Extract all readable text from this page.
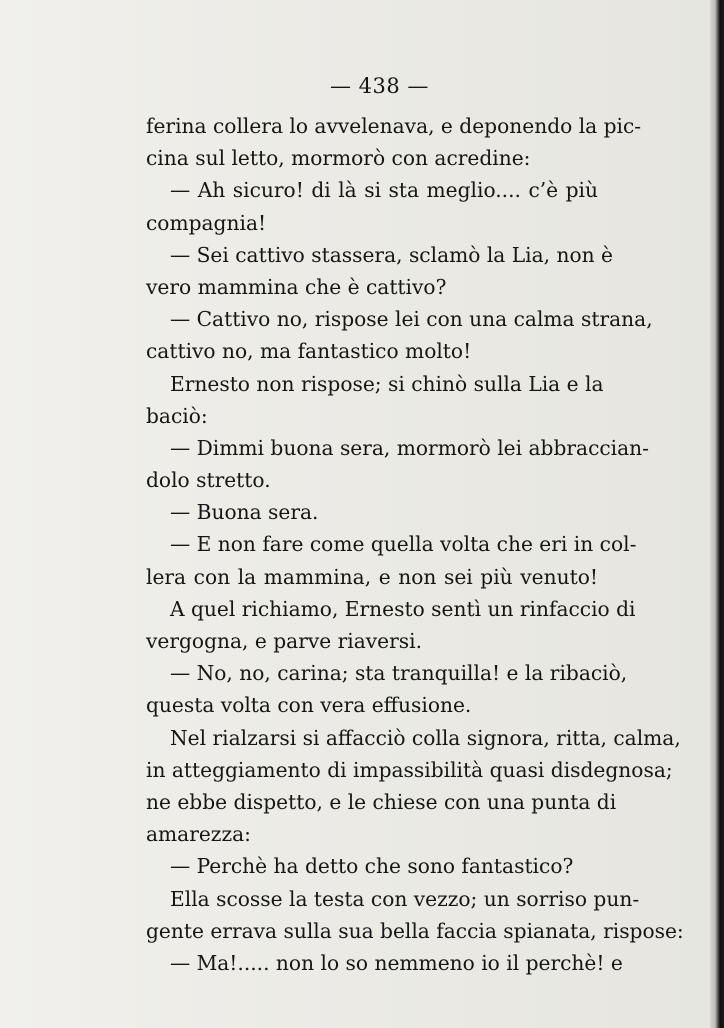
— 438 —
ferina collera lo avvelenava, e deponendo la pic-
cina sul letto, mormorò con acredine:
— Ah sicuro! di là si sta meglio.... c’è più
compagnia!
— Sei cattivo stassera, sclamò la Lia, non è
vero mammina che è cattivo?
— Cattivo no, rispose lei con una calma strana,
cattivo no, ma fantastico molto!
Ernesto non rispose; si chinò sulla Lia e la
baciò:
— Dimmi buona sera, mormorò lei abbraccian-
dolo stretto.
— Buona sera.
— E non fare come quella volta che eri in col-
lera con la mammina, e non sei più venuto!
A quel richiamo, Ernesto sentì un rinfaccio di
vergogna, e parve riaversi.
— No, no, carina; sta tranquilla! e la ribaciò,
questa volta con vera effusione.
Nel rialzarsi si affacciò colla signora, ritta, calma,
in atteggiamento di impassibilità quasi disdegnosa;
ne ebbe dispetto, e le chiese con una punta di
amarezza:
— Perchè ha detto che sono fantastico?
Ella scosse la testa con vezzo; un sorriso pun-
gente errava sulla sua bella faccia spianata, rispose:
— Ma!..... non lo so nemmeno io il perchè! e
